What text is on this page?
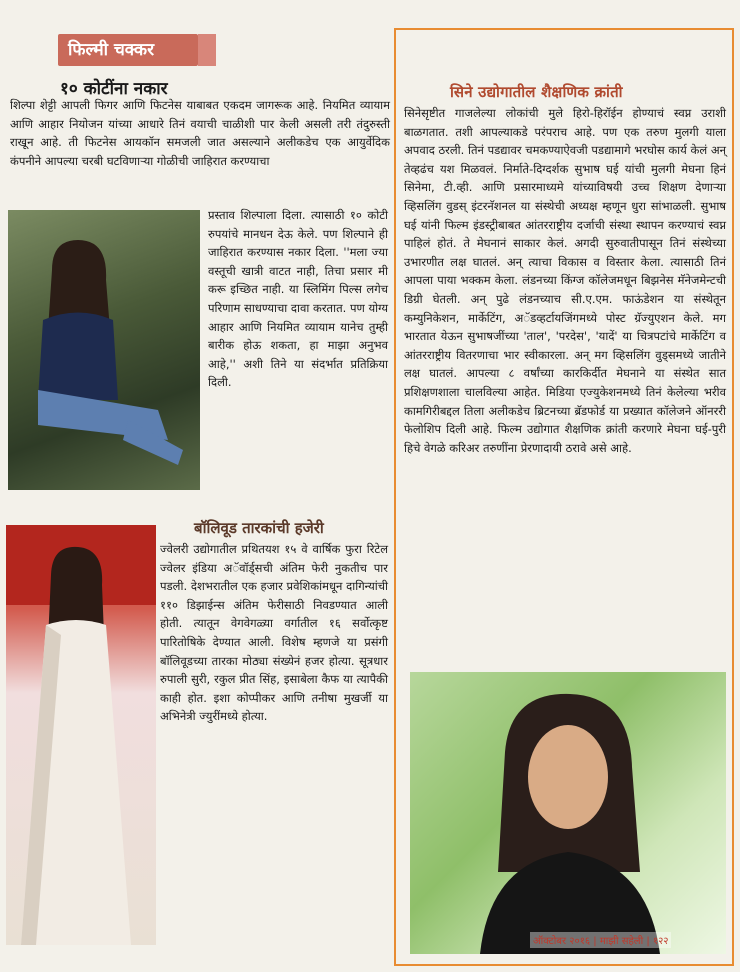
फिल्मी चक्कर
१० कोटींना नकार
शिल्पा शेट्टी आपली फिगर आणि फिटनेस याबाबत एकदम जागरूक आहे. नियमित व्यायाम आणि आहार नियोजन यांच्या आधारे तिनं वयाची चाळीशी पार केली असली तरी तंदुरुस्ती राखून आहे. ती फिटनेस आयकॉन समजली जात असल्याने अलीकडेच एक आयुर्वेदिक कंपनीने आपल्या चरबी घटविणाऱ्या गोळीची जाहिरात करण्याचा
प्रस्ताव शिल्पाला दिला. त्यासाठी १० कोटी रुपयांचे मानधन देऊ केले. पण शिल्पाने ही जाहिरात करण्यास नकार दिला. ''मला ज्या वस्तूची खात्री वाटत नाही, तिचा प्रसार मी करू इच्छित नाही. या स्लिमिंग पिल्स लगेच परिणाम साधण्याचा दावा करतात. पण योग्य आहार आणि नियमित व्यायाम यानेच तुम्ही बारीक होऊ शकता, हा माझा अनुभव आहे,'' अशी तिने या संदर्भात प्रतिक्रिया दिली.
बॉलिवूड तारकांची हजेरी
ज्वेलरी उद्योगातील प्रथितयश १५ वे वार्षिक फुरा रिटेल ज्वेलर इंडिया अॅवॉर्ड्सची अंतिम फेरी नुकतीच पार पडली. देशभरातील एक हजार प्रवेशिकांमधून दागिन्यांची ११० डिझाईन्स अंतिम फेरीसाठी निवडण्यात आली होती. त्यातून वेगवेगळ्या वर्गातील १६ सर्वोत्कृष्ट पारितोषिके देण्यात आली. विशेष म्हणजे या प्रसंगी बॉलिवूडच्या तारका मोठ्या संख्येनं हजर होत्या. सूत्रधार रुपाली सुरी, रकुल प्रीत सिंह, इसाबेला कैफ या त्यापैकी काही होत. इशा कोप्पीकर आणि तनीषा मुखर्जी या अभिनेत्री ज्युरींमध्ये होत्या.
सिने उद्योगातील शैक्षणिक क्रांती
सिनेसृष्टीत गाजलेल्या लोकांची मुले हिरो-हिरॉईन होण्याचं स्वप्न उराशी बाळगतात. तशी आपल्याकडे परंपराच आहे. पण एक तरुण मुलगी याला अपवाद ठरली. तिनं पडद्यावर चमकण्याऐवजी पडद्यामागे भरघोस कार्य केलं अन् तेव्हढंच यश मिळवलं. निर्माते-दिग्दर्शक सुभाष घई यांची मुलगी मेघना हिनं सिनेमा, टी.व्ही. आणि प्रसारमाध्यमे यांच्याविषयी उच्च शिक्षण देणाऱ्या व्हिसलिंग वुडस् इंटरनॅशनल या संस्थेची अध्यक्ष म्हणून धुरा सांभाळली. सुभाष घई यांनी फिल्म इंडस्ट्रीबाबत आंतरराष्ट्रीय दर्जाची संस्था स्थापन करण्याचं स्वप्न पाहिलं होतं. ते मेघनानं साकार केलं. अगदी सुरुवातीपासून तिनं संस्थेच्या उभारणीत लक्ष घातलं. अन् त्याचा विकास व विस्तार केला. त्यासाठी तिनं आपला पाया भक्कम केला. लंडनच्या किंग्ज कॉलेजमधून बिझनेस मॅनेजमेन्टची डिग्री घेतली. अन् पुढे लंडनच्याच सी.ए.एम. फाऊंडेशन या संस्थेतून कम्युनिकेशन, मार्केटिंग, अॅडव्हर्टायजिंगमध्ये पोस्ट ग्रॅज्युएशन केले. मग भारतात येऊन सुभाषजींच्या 'ताल', 'परदेस', 'यादें' या चित्रपटांचे मार्केटिंग व आंतरराष्ट्रीय वितरणाचा भार स्वीकारला. अन् मग व्हिसलिंग वुड्समध्ये जातीने लक्ष घातलं. आपल्या ८ वर्षांच्या कारकिर्दीत मेघनाने या संस्थेत सात प्रशिक्षणशाला चालविल्या आहेत. मिडिया एज्युकेशनमध्ये तिनं केलेल्या भरीव कामगिरीबद्दल तिला अलीकडेच ब्रिटनच्या ब्रॅडफोर्ड या प्रख्यात कॉलेजने ऑनररी फेलोशिप दिली आहे. फिल्म उद्योगात शैक्षणिक क्रांती करणारे मेघना घई-पुरी हिचे वेगळे करिअर तरुणींना प्रेरणादायी ठरावे असे आहे.
ऑक्टोबर २०१६ | माझी सहेली | १२२
